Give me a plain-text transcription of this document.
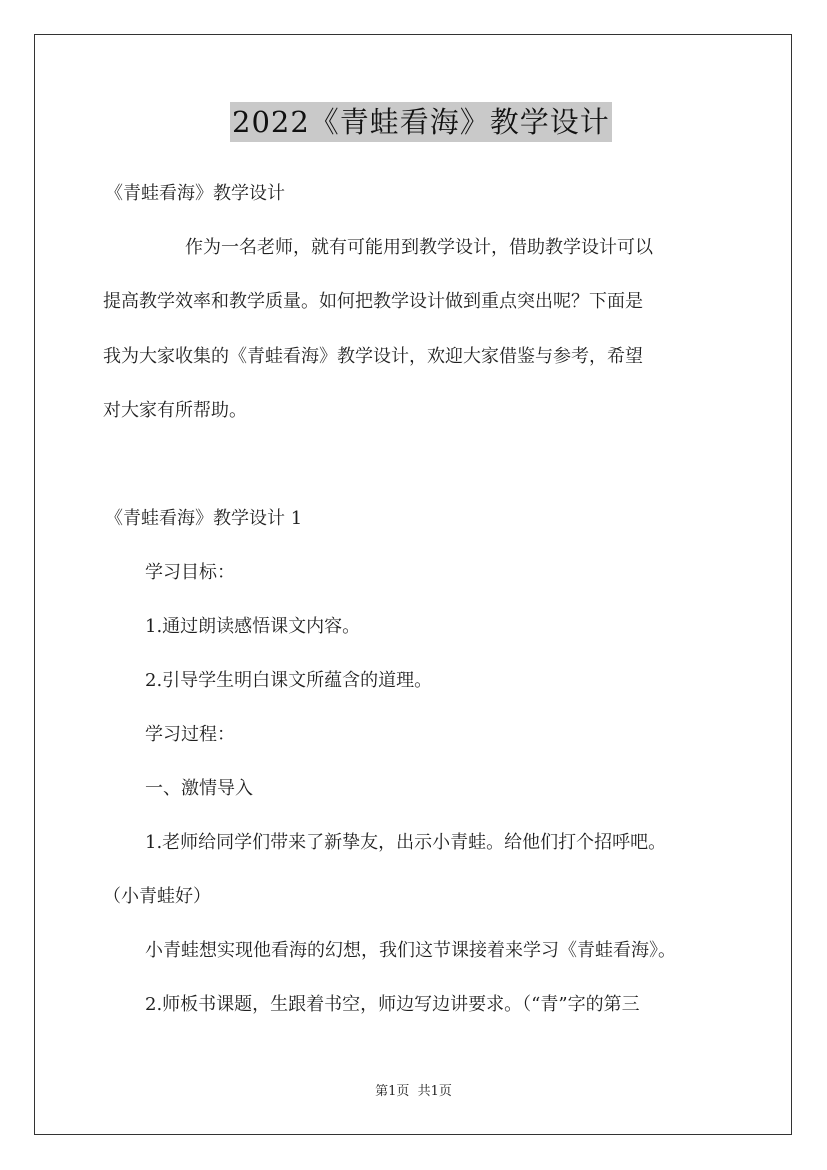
2022《青蛙看海》教学设计
《青蛙看海》教学设计
作为一名老师，就有可能用到教学设计，借助教学设计可以
提高教学效率和教学质量。如何把教学设计做到重点突出呢？下面是
我为大家收集的《青蛙看海》教学设计，欢迎大家借鉴与参考，希望
对大家有所帮助。
《青蛙看海》教学设计 1
学习目标：
1.通过朗读感悟课文内容。
2.引导学生明白课文所蕴含的道理。
学习过程：
一、激情导入
1.老师给同学们带来了新挚友，出示小青蛙。给他们打个招呼吧。
（小青蛙好）
小青蛙想实现他看海的幻想，我们这节课接着来学习《青蛙看海》。
2.师板书课题，生跟着书空，师边写边讲要求。（“青”字的第三
第1页 共1页
